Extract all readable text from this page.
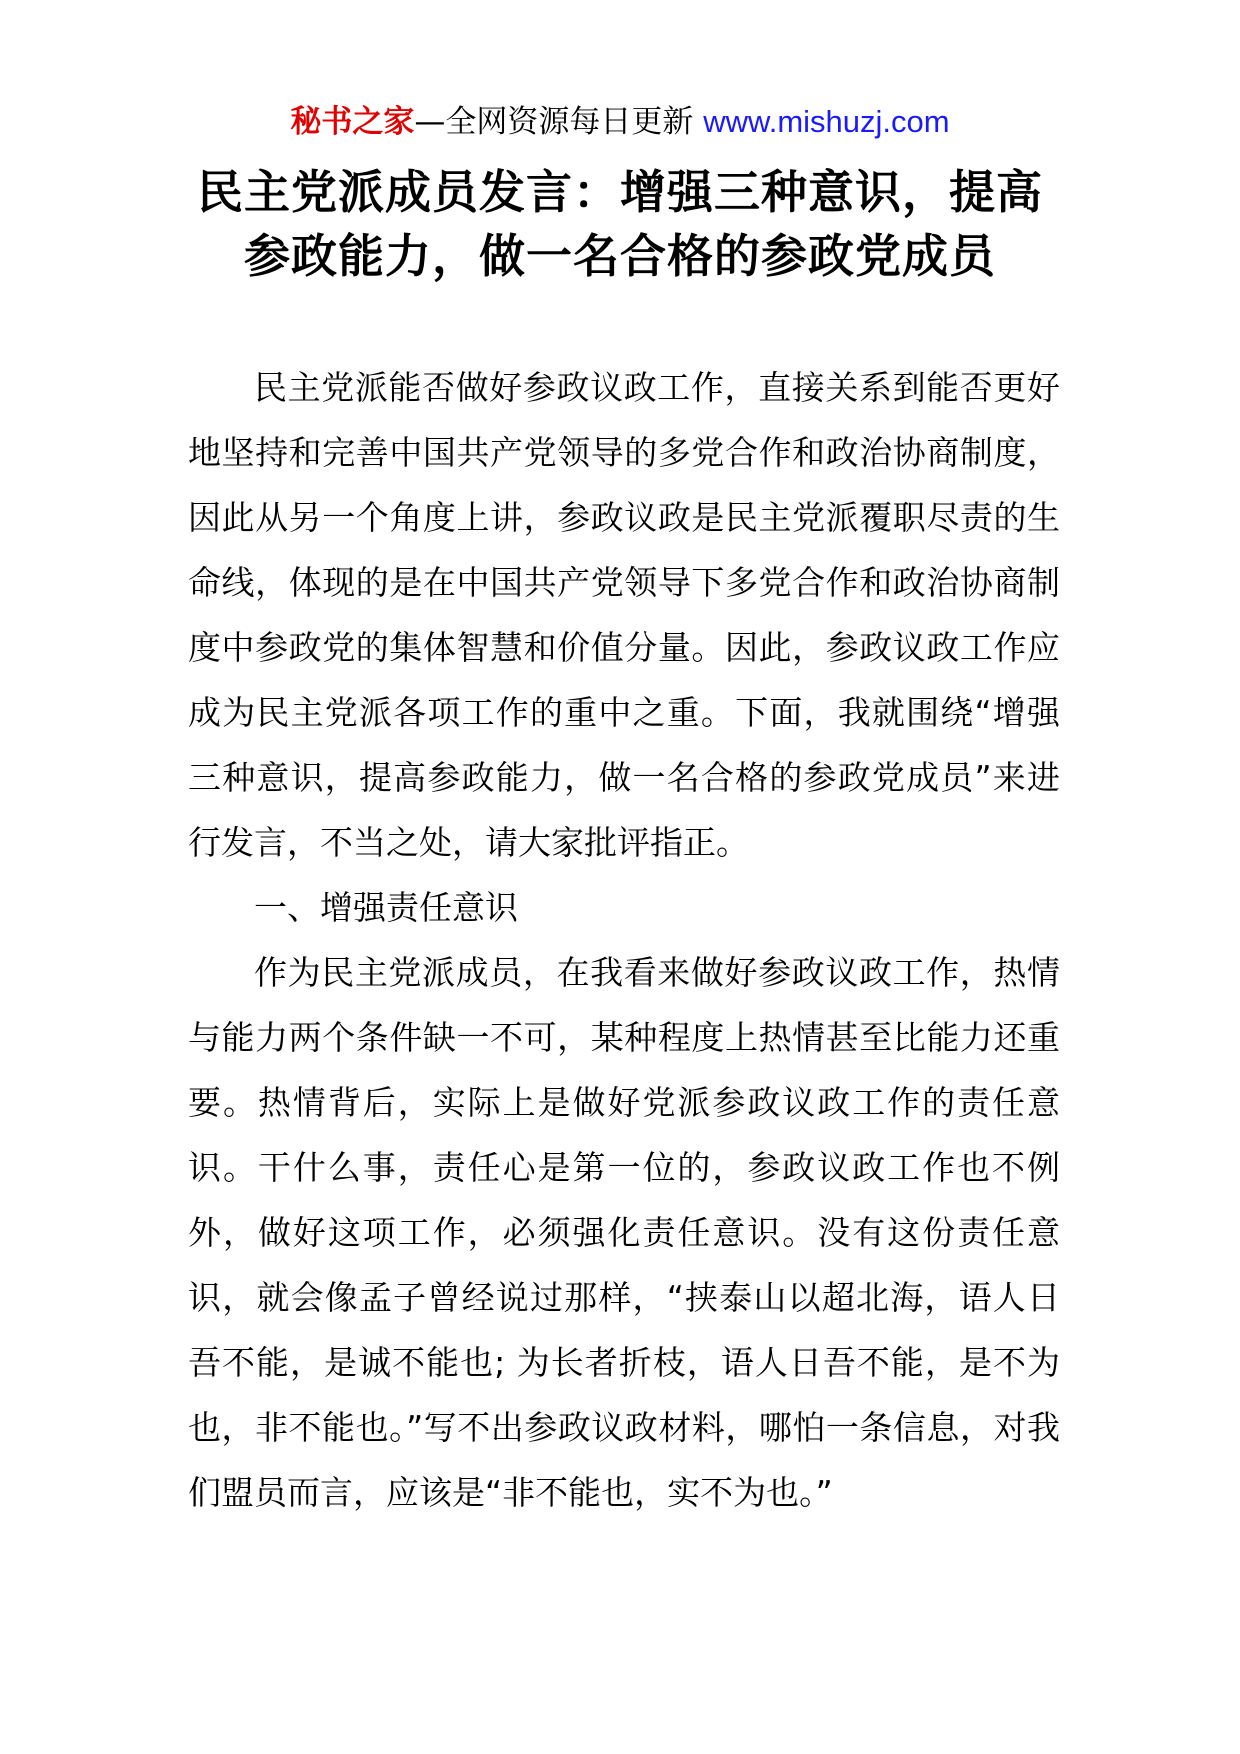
秘书之家—全网资源每日更新 www.mishuzj.com
民主党派成员发言：增强三种意识，提高
参政能力，做一名合格的参政党成员

民主党派能否做好参政议政工作，直接关系到能否更好地坚持和完善中国共产党领导的多党合作和政治协商制度，因此从另一个角度上讲，参政议政是民主党派覆职尽责的生命线，体现的是在中国共产党领导下多党合作和政治协商制度中参政党的集体智慧和价值分量。因此，参政议政工作应成为民主党派各项工作的重中之重。下面，我就围绕“增强三种意识，提高参政能力，做一名合格的参政党成员”来进行发言，不当之处，请大家批评指正。

一、增强责任意识

作为民主党派成员，在我看来做好参政议政工作，热情与能力两个条件缺一不可，某种程度上热情甚至比能力还重要。热情背后，实际上是做好党派参政议政工作的责任意识。干什么事，责任心是第一位的，参政议政工作也不例外，做好这项工作，必须强化责任意识。没有这份责任意识，就会像孟子曾经说过那样，“挟泰山以超北海，语人日吾不能，是诚不能也; 为长者折枝，语人日吾不能，是不为也，非不能也。”写不出参政议政材料，哪怕一条信息，对我们盟员而言，应该是“非不能也，实不为也。”
